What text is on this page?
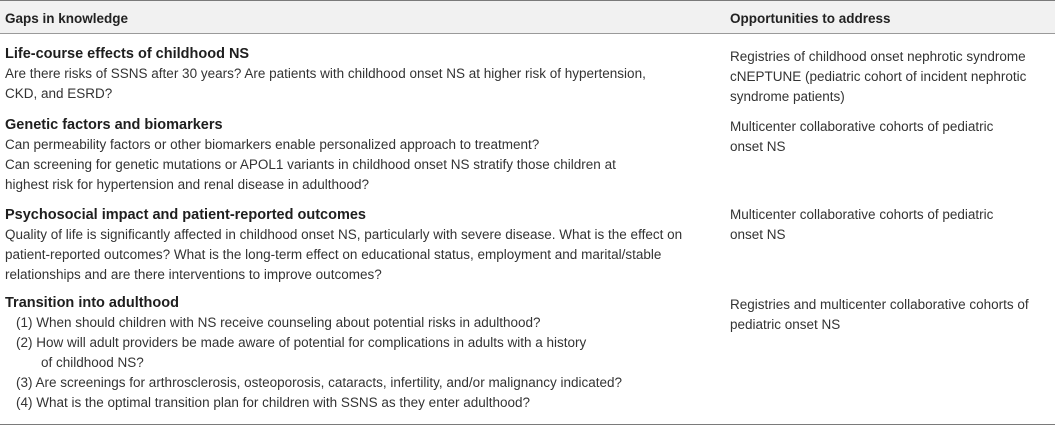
Gaps in knowledge	Opportunities to address
Life-course effects of childhood NS
Are there risks of SSNS after 30 years? Are patients with childhood onset NS at higher risk of hypertension,
CKD, and ESRD?
Registries of childhood onset nephrotic syndrome
cNEPTUNE (pediatric cohort of incident nephrotic
syndrome patients)
Genetic factors and biomarkers
Can permeability factors or other biomarkers enable personalized approach to treatment?
Can screening for genetic mutations or APOL1 variants in childhood onset NS stratify those children at
highest risk for hypertension and renal disease in adulthood?
Multicenter collaborative cohorts of pediatric
onset NS
Psychosocial impact and patient-reported outcomes
Quality of life is significantly affected in childhood onset NS, particularly with severe disease. What is the effect on
patient-reported outcomes? What is the long-term effect on educational status, employment and marital/stable
relationships and are there interventions to improve outcomes?
Multicenter collaborative cohorts of pediatric
onset NS
Transition into adulthood
(1) When should children with NS receive counseling about potential risks in adulthood?
(2) How will adult providers be made aware of potential for complications in adults with a history
of childhood NS?
(3) Are screenings for arthrosclerosis, osteoporosis, cataracts, infertility, and/or malignancy indicated?
(4) What is the optimal transition plan for children with SSNS as they enter adulthood?
Registries and multicenter collaborative cohorts of
pediatric onset NS
